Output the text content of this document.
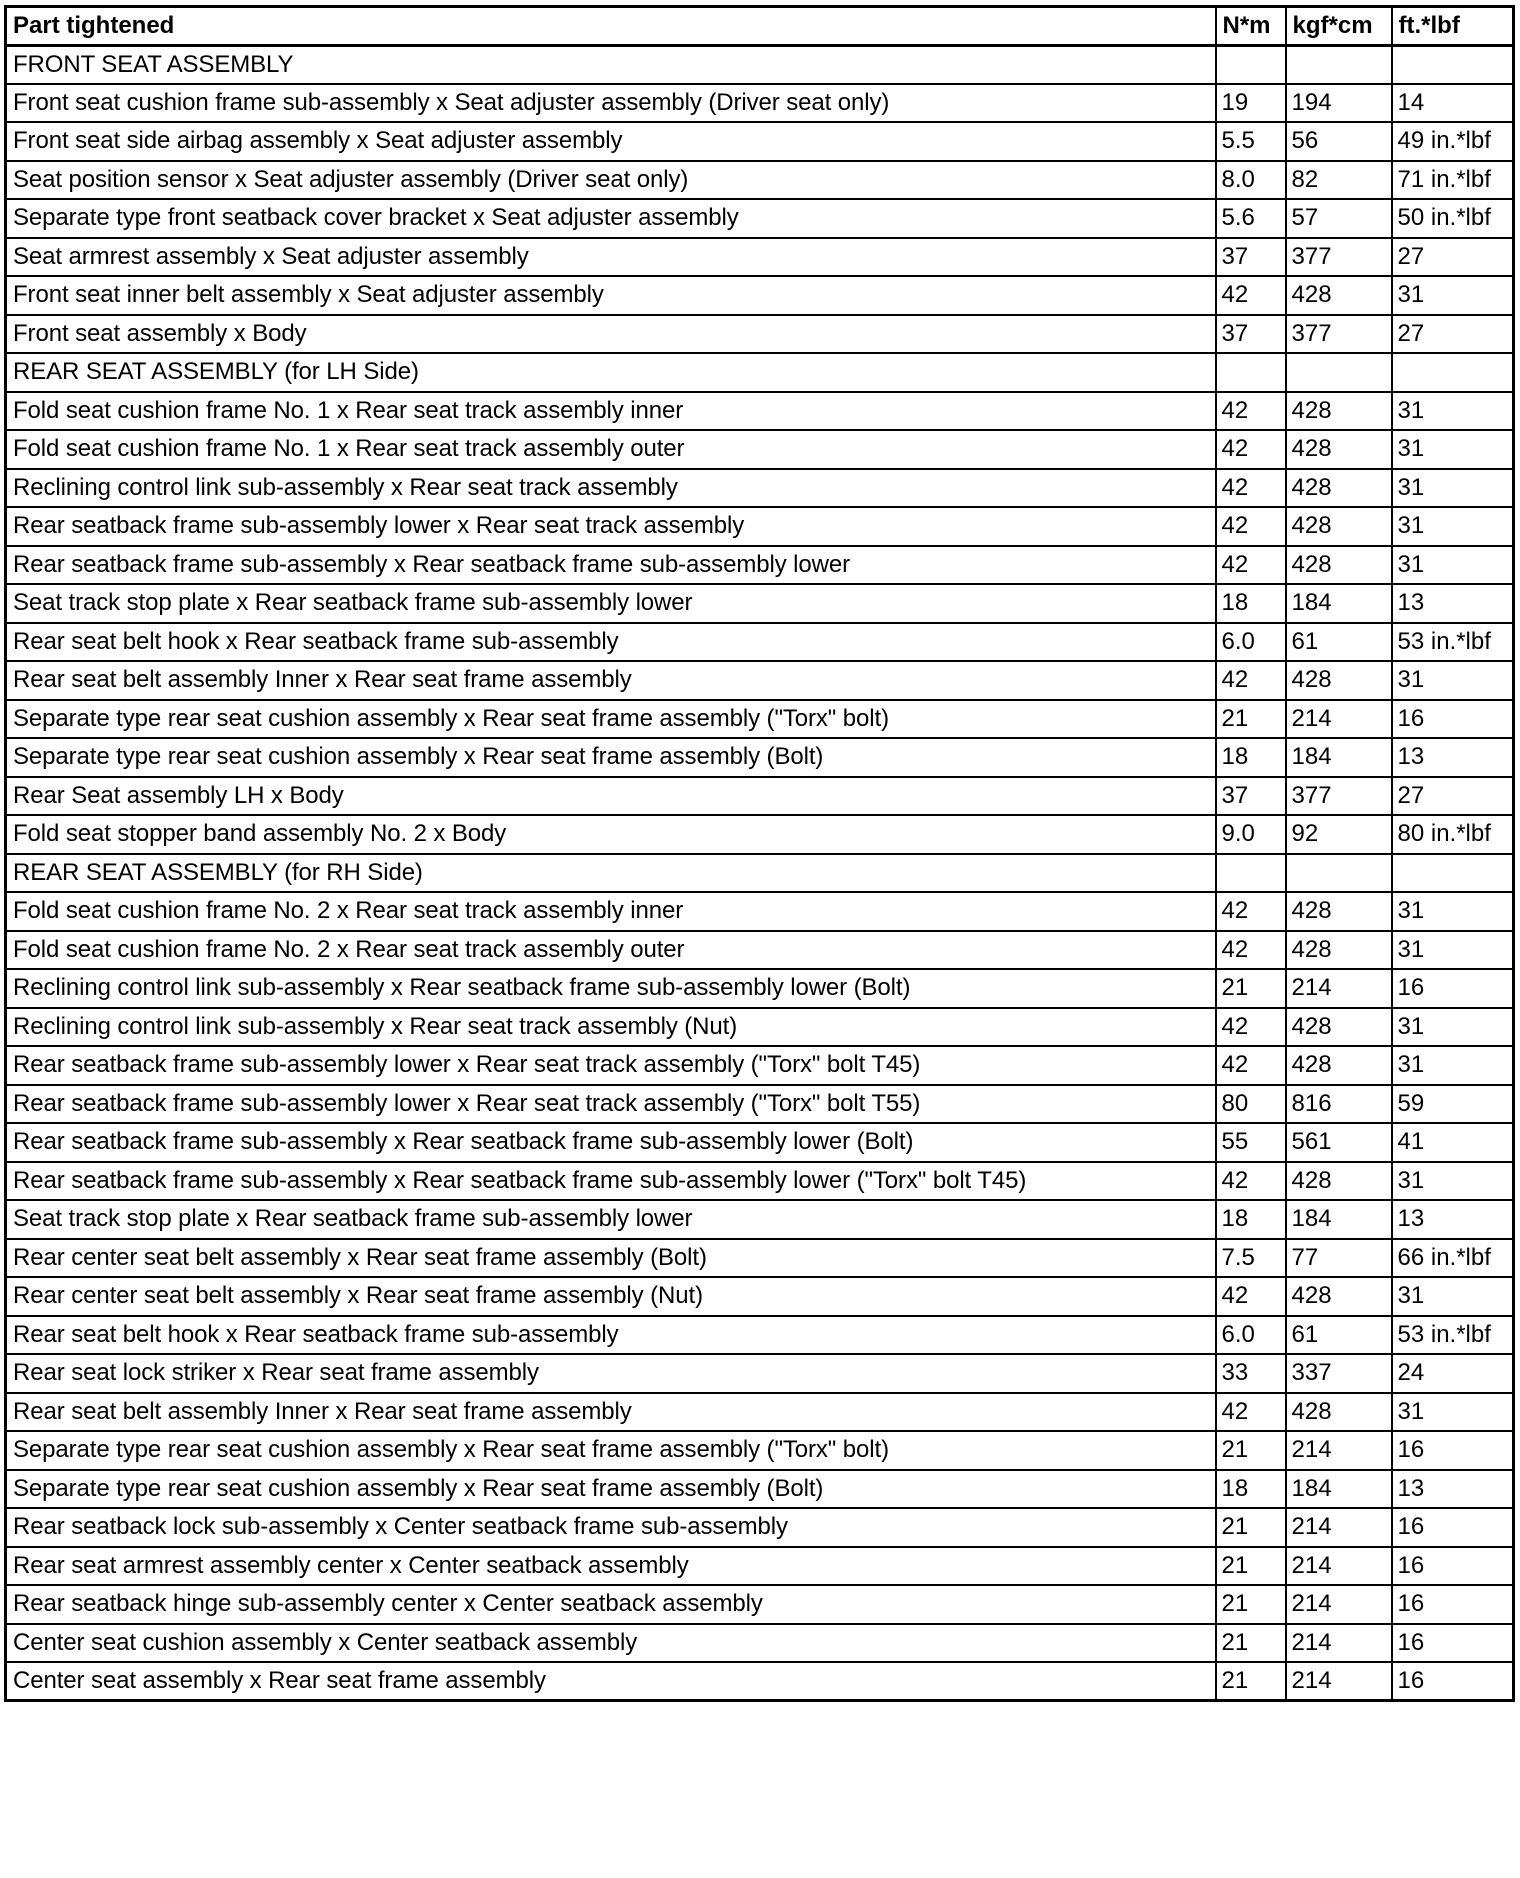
Part tightened	N*m	kgf*cm	ft.*lbf
FRONT SEAT ASSEMBLY			
Front seat cushion frame sub-assembly x Seat adjuster assembly (Driver seat only)	19	194	14
Front seat side airbag assembly x Seat adjuster assembly	5.5	56	49 in.*lbf
Seat position sensor x Seat adjuster assembly (Driver seat only)	8.0	82	71 in.*lbf
Separate type front seatback cover bracket x Seat adjuster assembly	5.6	57	50 in.*lbf
Seat armrest assembly x Seat adjuster assembly	37	377	27
Front seat inner belt assembly x Seat adjuster assembly	42	428	31
Front seat assembly x Body	37	377	27
REAR SEAT ASSEMBLY (for LH Side)			
Fold seat cushion frame No. 1 x Rear seat track assembly inner	42	428	31
Fold seat cushion frame No. 1 x Rear seat track assembly outer	42	428	31
Reclining control link sub-assembly x Rear seat track assembly	42	428	31
Rear seatback frame sub-assembly lower x Rear seat track assembly	42	428	31
Rear seatback frame sub-assembly x Rear seatback frame sub-assembly lower	42	428	31
Seat track stop plate x Rear seatback frame sub-assembly lower	18	184	13
Rear seat belt hook x Rear seatback frame sub-assembly	6.0	61	53 in.*lbf
Rear seat belt assembly Inner x Rear seat frame assembly	42	428	31
Separate type rear seat cushion assembly x Rear seat frame assembly ("Torx" bolt)	21	214	16
Separate type rear seat cushion assembly x Rear seat frame assembly (Bolt)	18	184	13
Rear Seat assembly LH x Body	37	377	27
Fold seat stopper band assembly No. 2 x Body	9.0	92	80 in.*lbf
REAR SEAT ASSEMBLY (for RH Side)			
Fold seat cushion frame No. 2 x Rear seat track assembly inner	42	428	31
Fold seat cushion frame No. 2 x Rear seat track assembly outer	42	428	31
Reclining control link sub-assembly x Rear seatback frame sub-assembly lower (Bolt)	21	214	16
Reclining control link sub-assembly x Rear seat track assembly (Nut)	42	428	31
Rear seatback frame sub-assembly lower x Rear seat track assembly ("Torx" bolt T45)	42	428	31
Rear seatback frame sub-assembly lower x Rear seat track assembly ("Torx" bolt T55)	80	816	59
Rear seatback frame sub-assembly x Rear seatback frame sub-assembly lower (Bolt)	55	561	41
Rear seatback frame sub-assembly x Rear seatback frame sub-assembly lower ("Torx" bolt T45)	42	428	31
Seat track stop plate x Rear seatback frame sub-assembly lower	18	184	13
Rear center seat belt assembly x Rear seat frame assembly (Bolt)	7.5	77	66 in.*lbf
Rear center seat belt assembly x Rear seat frame assembly (Nut)	42	428	31
Rear seat belt hook x Rear seatback frame sub-assembly	6.0	61	53 in.*lbf
Rear seat lock striker x Rear seat frame assembly	33	337	24
Rear seat belt assembly Inner x Rear seat frame assembly	42	428	31
Separate type rear seat cushion assembly x Rear seat frame assembly ("Torx" bolt)	21	214	16
Separate type rear seat cushion assembly x Rear seat frame assembly (Bolt)	18	184	13
Rear seatback lock sub-assembly x Center seatback frame sub-assembly	21	214	16
Rear seat armrest assembly center x Center seatback assembly	21	214	16
Rear seatback hinge sub-assembly center x Center seatback assembly	21	214	16
Center seat cushion assembly x Center seatback assembly	21	214	16
Center seat assembly x Rear seat frame assembly	21	214	16
